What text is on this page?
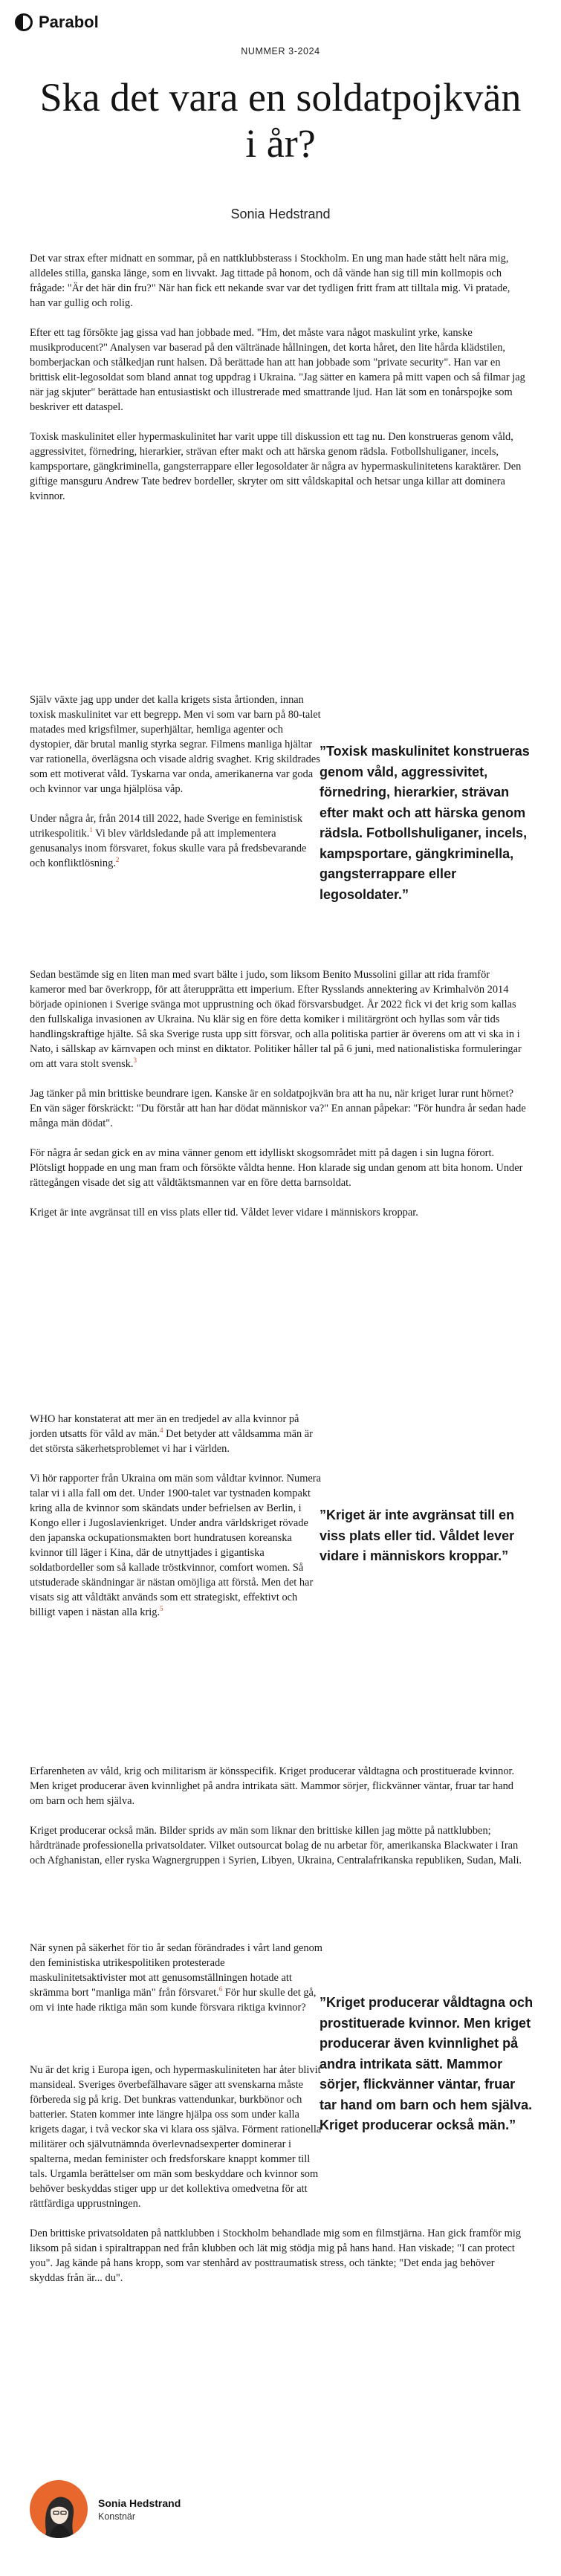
Parabol
NUMMER 3-2024
Ska det vara en soldatpojkvän i år?
Sonia Hedstrand

Det var strax efter midnatt en sommar, på en nattklubbsterass i Stockholm. En ung man hade stått helt nära mig, alldeles stilla, ganska länge, som en livvakt. Jag tittade på honom, och då vände han sig till min kollmopis och frågade: "Är det här din fru?" När han fick ett nekande svar var det tydligen fritt fram att tilltala mig. Vi pratade, han var gullig och rolig.

Efter ett tag försökte jag gissa vad han jobbade med. "Hm, det måste vara något maskulint yrke, kanske musikproducent?" Analysen var baserad på den vältränade hållningen, det korta håret, den lite hårda klädstilen, bomberjackan och stålkedjan runt halsen. Då berättade han att han jobbade som "private security". Han var en brittisk elit-legosoldat som bland annat tog uppdrag i Ukraina. "Jag sätter en kamera på mitt vapen och så filmar jag när jag skjuter" berättade han entusiastiskt och illustrerade med smattrande ljud. Han lät som en tonårspojke som beskriver ett dataspel.

Toxisk maskulinitet eller hypermaskulinitet har varit uppe till diskussion ett tag nu. Den konstrueras genom våld, aggressivitet, förnedring, hierarkier, strävan efter makt och att härska genom rädsla. Fotbollshuliganer, incels, kampsportare, gängkriminella, gangsterrappare eller legosoldater är några av hypermaskulinitetens karaktärer. Den giftige mansguru Andrew Tate bedrev bordeller, skryter om sitt våldskapital och hetsar unga killar att dominera kvinnor.

Själv växte jag upp under det kalla krigets sista årtionden, innan toxisk maskulinitet var ett begrepp. Men vi som var barn på 80-talet matades med krigsfilmer, superhjältar, hemliga agenter och dystopier, där brutal manlig styrka segrar. Filmens manliga hjältar var rationella, överlägsna och visade aldrig svaghet. Krig skildrades som ett motiverat våld. Tyskarna var onda, amerikanerna var goda och kvinnor var unga hjälplösa våp.

Under några år, från 2014 till 2022, hade Sverige en feministisk utrikespolitik.$^1$ Vi blev världsledande på att implementera genusanalys inom försvaret, fokus skulle vara på fredsbevarande och konfliktlösning.$^2$

”Toxisk maskulinitet konstrueras genom våld, aggressivitet, förnedring, hierarkier, strävan efter makt och att härska genom rädsla. Fotbollshuliganer, incels, kampsportare, gängkriminella, gangsterrappare eller legosoldater.”

Sedan bestämde sig en liten man med svart bälte i judo, som liksom Benito Mussolini gillar att rida framför kameror med bar överkropp, för att återupprätta ett imperium. Efter Rysslands annektering av Krimhalvön 2014 började opinionen i Sverige svänga mot upprustning och ökad försvarsbudget. År 2022 fick vi det krig som kallas den fullskaliga invasionen av Ukraina. Nu klär sig en före detta komiker i militärgrönt och hyllas som vår tids handlingskraftige hjälte. Så ska Sverige rusta upp sitt försvar, och alla politiska partier är överens om att vi ska in i Nato, i sällskap av kärnvapen och minst en diktator. Politiker håller tal på 6 juni, med nationalistiska formuleringar om att vara stolt svensk.$^3$

Jag tänker på min brittiske beundrare igen. Kanske är en soldatpojkvän bra att ha nu, när kriget lurar runt hörnet? En vän säger förskräckt: "Du förstår att han har dödat människor va?" En annan påpekar: "För hundra år sedan hade många män dödat".

För några år sedan gick en av mina vänner genom ett idylliskt skogsområdet mitt på dagen i sin lugna förort. Plötsligt hoppade en ung man fram och försökte våldta henne. Hon klarade sig undan genom att bita honom. Under rättegången visade det sig att våldtäktsmannen var en före detta barnsoldat.

Kriget är inte avgränsat till en viss plats eller tid. Våldet lever vidare i människors kroppar.

WHO har konstaterat att mer än en tredjedel av alla kvinnor på jorden utsatts för våld av män.$^4$ Det betyder att våldsamma män är det största säkerhetsproblemet vi har i världen.

Vi hör rapporter från Ukraina om män som våldtar kvinnor. Numera talar vi i alla fall om det. Under 1900-talet var tystnaden kompakt kring alla de kvinnor som skändats under befrielsen av Berlin, i Kongo eller i Jugoslavienkriget. Under andra världskriget rövade den japanska ockupationsmakten bort hundratusen koreanska kvinnor till läger i Kina, där de utnyttjades i gigantiska soldatbordeller som så kallade tröstkvinnor, comfort women. Så utstuderade skändningar är nästan omöjliga att förstå. Men det har visats sig att våldtäkt används som ett strategiskt, effektivt och billigt vapen i nästan alla krig.$^5$

”Kriget är inte avgränsat till en viss plats eller tid. Våldet lever vidare i människors kroppar.”

Erfarenheten av våld, krig och militarism är könsspecifik. Kriget producerar våldtagna och prostituerade kvinnor. Men kriget producerar även kvinnlighet på andra intrikata sätt. Mammor sörjer, flickvänner väntar, fruar tar hand om barn och hem själva.

Kriget producerar också män. Bilder sprids av män som liknar den brittiske killen jag mötte på nattklubben; hårdtränade professionella privatsoldater. Vilket outsourcat bolag de nu arbetar för, amerikanska Blackwater i Iran och Afghanistan, eller ryska Wagnergruppen i Syrien, Libyen, Ukraina, Centralafrikanska republiken, Sudan, Mali.

När synen på säkerhet för tio år sedan förändrades i vårt land genom den feministiska utrikespolitiken protesterade maskulinitetsaktivister mot att genusomställningen hotade att skrämma bort "manliga män" från försvaret.$^6$ För hur skulle det gå, om vi inte hade riktiga män som kunde försvara riktiga kvinnor?	”Kriget producerar våldtagna och prostituerade kvinnor. Men kriget producerar även kvinnlighet på andra intrikata sätt. Mammor sörjer, flickvänner väntar, fruar tar hand om barn och hem själva. Kriget producerar också män.”

Nu är det krig i Europa igen, och hypermaskuliniteten har åter blivit mansideal. Sveriges överbefälhavare säger att svenskarna måste förbereda sig på krig. Det bunkras vattendunkar, burkbönor och batterier. Staten kommer inte längre hjälpa oss som under kalla krigets dagar, i två veckor ska vi klara oss själva. Förment rationella militärer och självutnämnda överlevnadsexperter dominerar i spalterna, medan feminister och fredsforskare knappt kommer till tals. Urgamla berättelser om män som beskyddare och kvinnor som behöver beskyddas stiger upp ur det kollektiva omedvetna för att rättfärdiga upprustningen.

Den brittiske privatsoldaten på nattklubben i Stockholm behandlade mig som en filmstjärna. Han gick framför mig liksom på sidan i spiraltrappan ned från klubben och lät mig stödja mig på hans hand. Han viskade; "I can protect you". Jag kände på hans kropp, som var stenhård av posttraumatisk stress, och tänkte; "Det enda jag behöver skyddas från är... du".

Sonia Hedstrand
Konstnär
